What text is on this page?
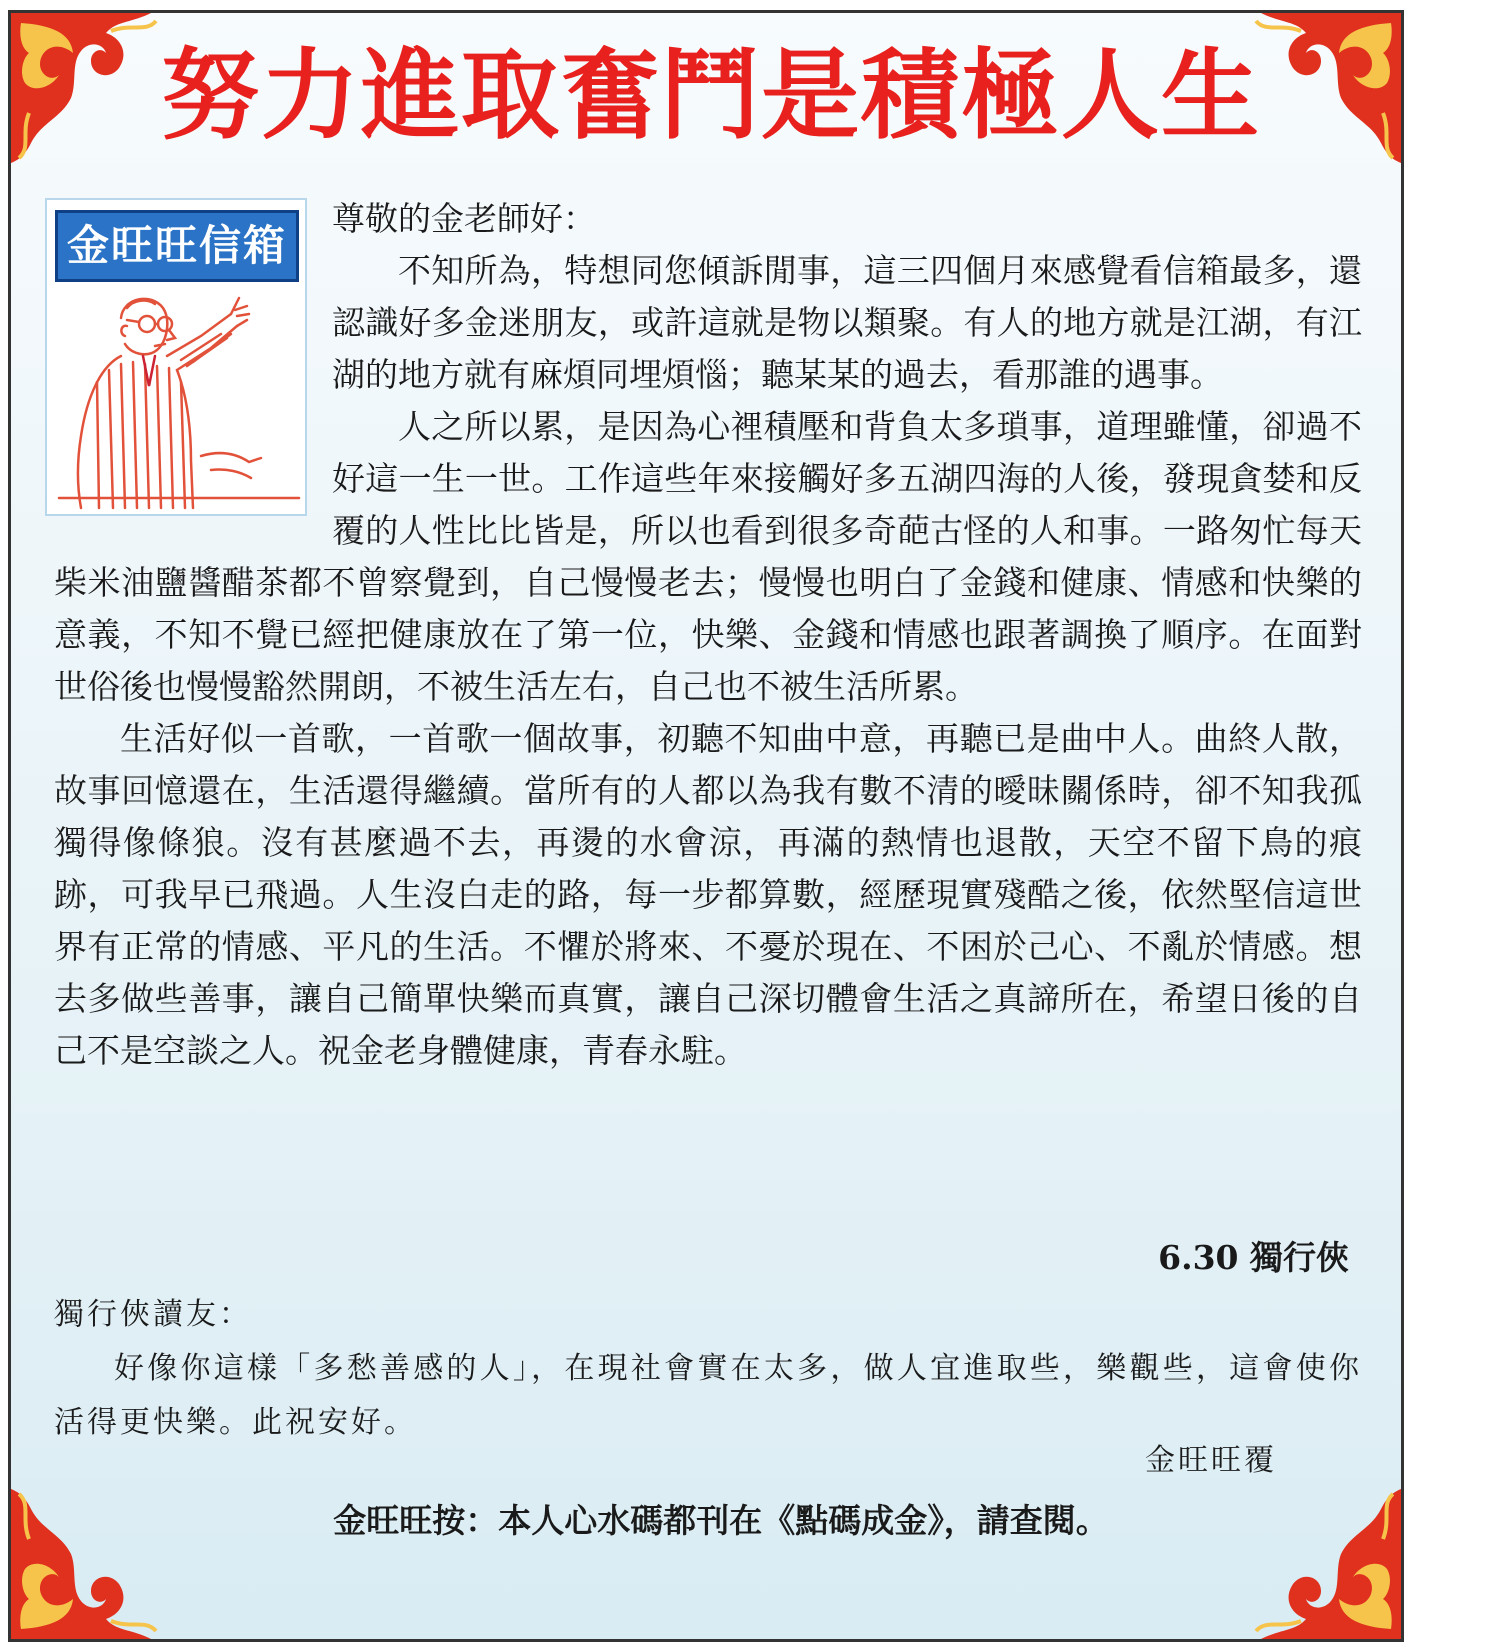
努力進取奮鬥是積極人生
金旺旺信箱

尊敬的金老師好：

不知所為，特想同您傾訴閒事，這三四個月來感覺看信箱最多，還認識好多金迷朋友，或許這就是物以類聚。有人的地方就是江湖，有江湖的地方就有麻煩同埋煩惱；聽某某的過去，看那誰的遇事。

人之所以累，是因為心裡積壓和背負太多瑣事，道理雖懂，卻過不好這一生一世。工作這些年來接觸好多五湖四海的人後，發現貪婪和反覆的人性比比皆是，所以也看到很多奇葩古怪的人和事。一路匆忙每天柴米油鹽醬醋茶都不曾察覺到，自己慢慢老去；慢慢也明白了金錢和健康、情感和快樂的意義，不知不覺已經把健康放在了第一位，快樂、金錢和情感也跟著調換了順序。在面對世俗後也慢慢豁然開朗，不被生活左右，自己也不被生活所累。

生活好似一首歌，一首歌一個故事，初聽不知曲中意，再聽已是曲中人。曲終人散，故事回憶還在，生活還得繼續。當所有的人都以為我有數不清的曖昧關係時，卻不知我孤獨得像條狼。沒有甚麼過不去，再燙的水會涼，再滿的熱情也退散，天空不留下鳥的痕跡，可我早已飛過。人生沒白走的路，每一步都算數，經歷現實殘酷之後，依然堅信這世界有正常的情感、平凡的生活。不懼於將來、不憂於現在、不困於己心、不亂於情感。想去多做些善事，讓自己簡單快樂而真實，讓自己深切體會生活之真諦所在，希望日後的自己不是空談之人。祝金老身體健康，青春永駐。

6.30 獨行俠

獨行俠讀友：

好像你這樣「多愁善感的人」，在現社會實在太多，做人宜進取些，樂觀些，這會使你活得更快樂。此祝安好。

金旺旺覆
金旺旺按：本人心水碼都刊在《點碼成金》，請查閱。
